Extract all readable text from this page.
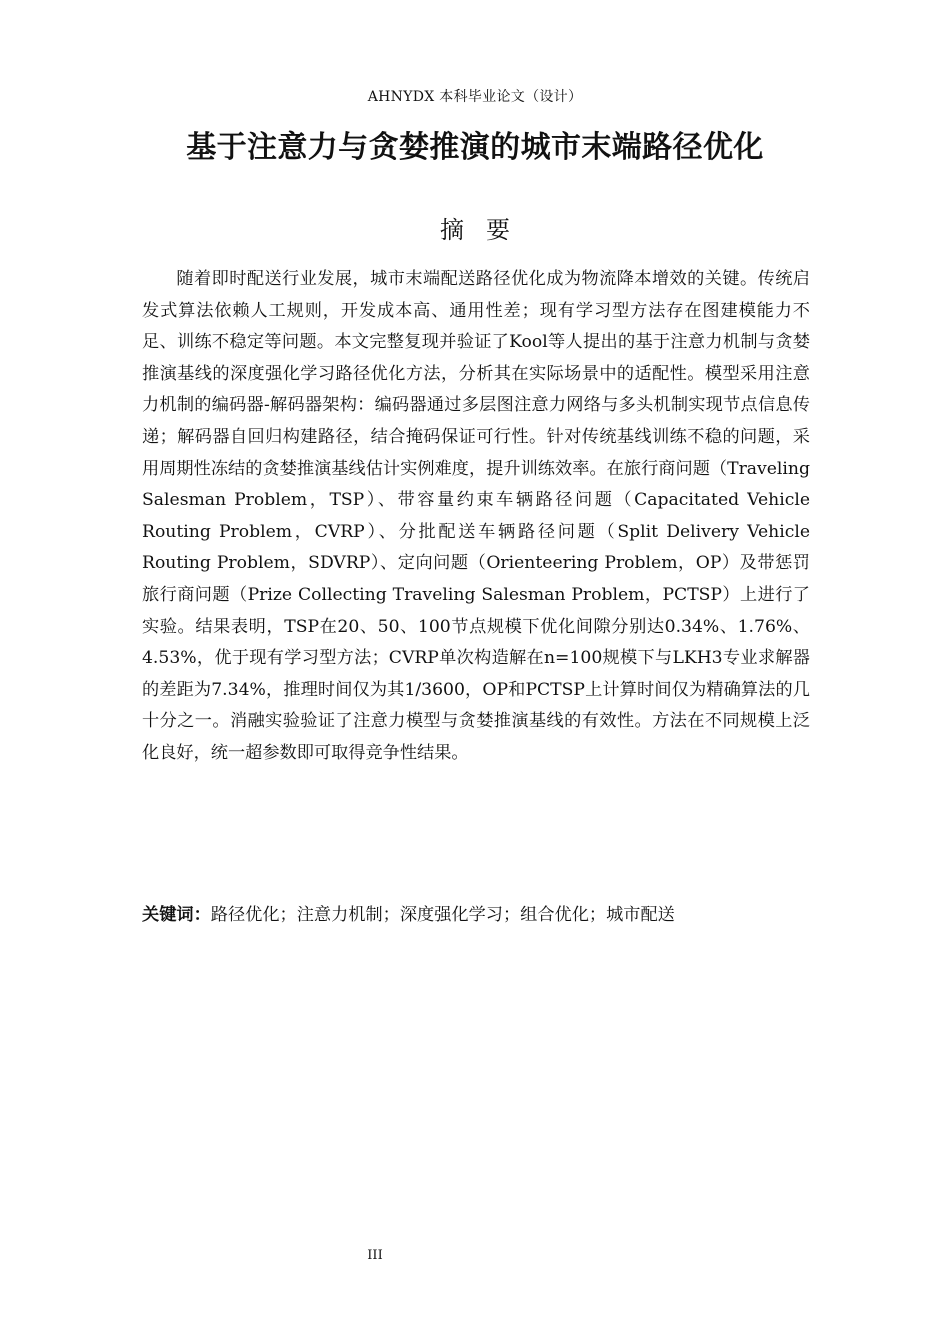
AHNYDX 本科毕业论文（设计）
基于注意力与贪婪推演的城市末端路径优化
摘要

随着即时配送行业发展，城市末端配送路径优化成为物流降本增效的关键。传统启发式算法依赖人工规则，开发成本高、通用性差；现有学习型方法存在图建模能力不足、训练不稳定等问题。本文完整复现并验证了Kool等人提出的基于注意力机制与贪婪推演基线的深度强化学习路径优化方法，分析其在实际场景中的适配性。模型采用注意力机制的编码器-解码器架构：编码器通过多层图注意力网络与多头机制实现节点信息传递；解码器自回归构建路径，结合掩码保证可行性。针对传统基线训练不稳的问题，采用周期性冻结的贪婪推演基线估计实例难度，提升训练效率。在旅行商问题（Traveling Salesman Problem，TSP）、带容量约束车辆路径问题（Capacitated Vehicle Routing Problem，CVRP）、分批配送车辆路径问题（Split Delivery Vehicle Routing Problem，SDVRP）、定向问题（Orienteering Problem，OP）及带惩罚旅行商问题（Prize Collecting Traveling Salesman Problem，PCTSP）上进行了实验。结果表明，TSP在20、50、100节点规模下优化间隙分别达0.34%、1.76%、4.53%，优于现有学习型方法；CVRP单次构造解在n=100规模下与LKH3专业求解器的差距为7.34%，推理时间仅为其1/3600，OP和PCTSP上计算时间仅为精确算法的几十分之一。消融实验验证了注意力模型与贪婪推演基线的有效性。方法在不同规模上泛化良好，统一超参数即可取得竞争性结果。

关键词：路径优化；注意力机制；深度强化学习；组合优化；城市配送
III
